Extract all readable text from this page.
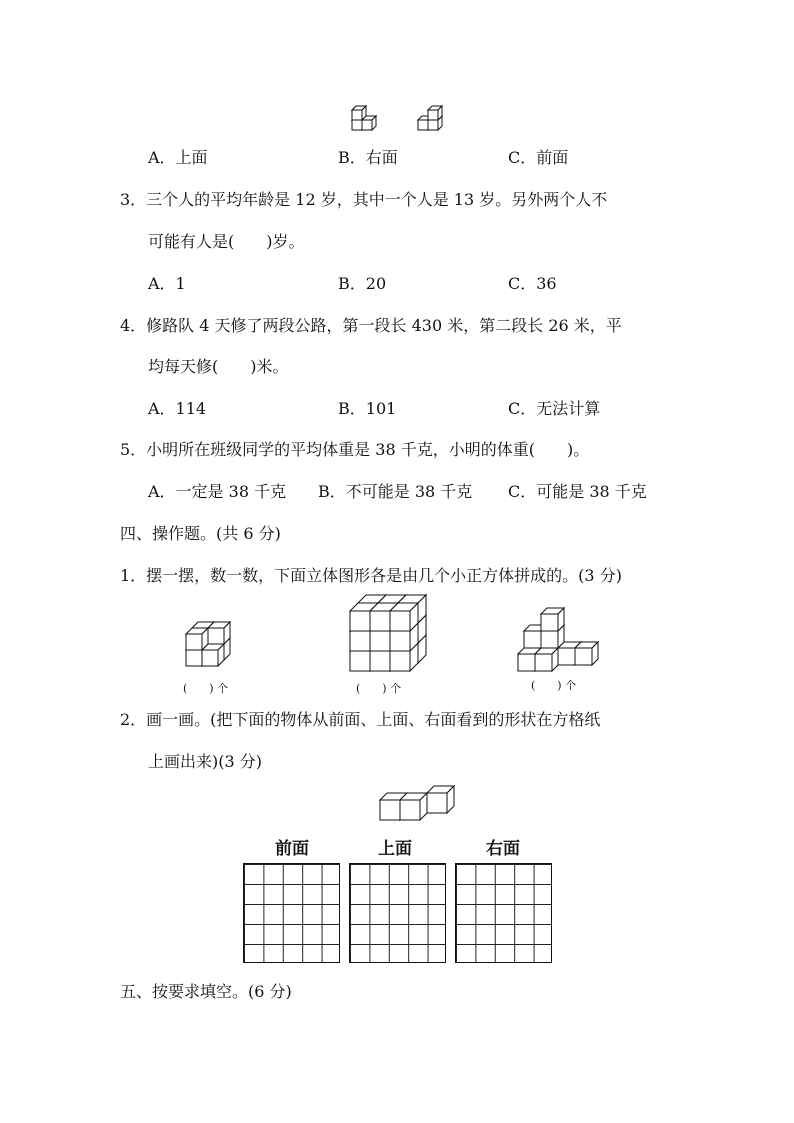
A．上面	B．右面	C．前面
3．三个人的平均年龄是 12 岁，其中一个人是 13 岁。另外两个人不
可能有人是(　　)岁。
A．1	B．20	C．36
4．修路队 4 天修了两段公路，第一段长 430 米，第二段长 26 米，平
均每天修(　　)米。
A．114	B．101	C．无法计算
5．小明所在班级同学的平均体重是 38 千克，小明的体重(　　)。
A．一定是 38 千克 B．不可能是 38 千克 C．可能是 38 千克
四、操作题。(共 6 分)
1．摆一摆，数一数，下面立体图形各是由几个小正方体拼成的。(3 分)
(　　) 个	(　　) 个	(　　) 个
2．画一画。(把下面的物体从前面、上面、右面看到的形状在方格纸
上画出来)(3 分)
前面	上面	右面
五、按要求填空。(6 分)
